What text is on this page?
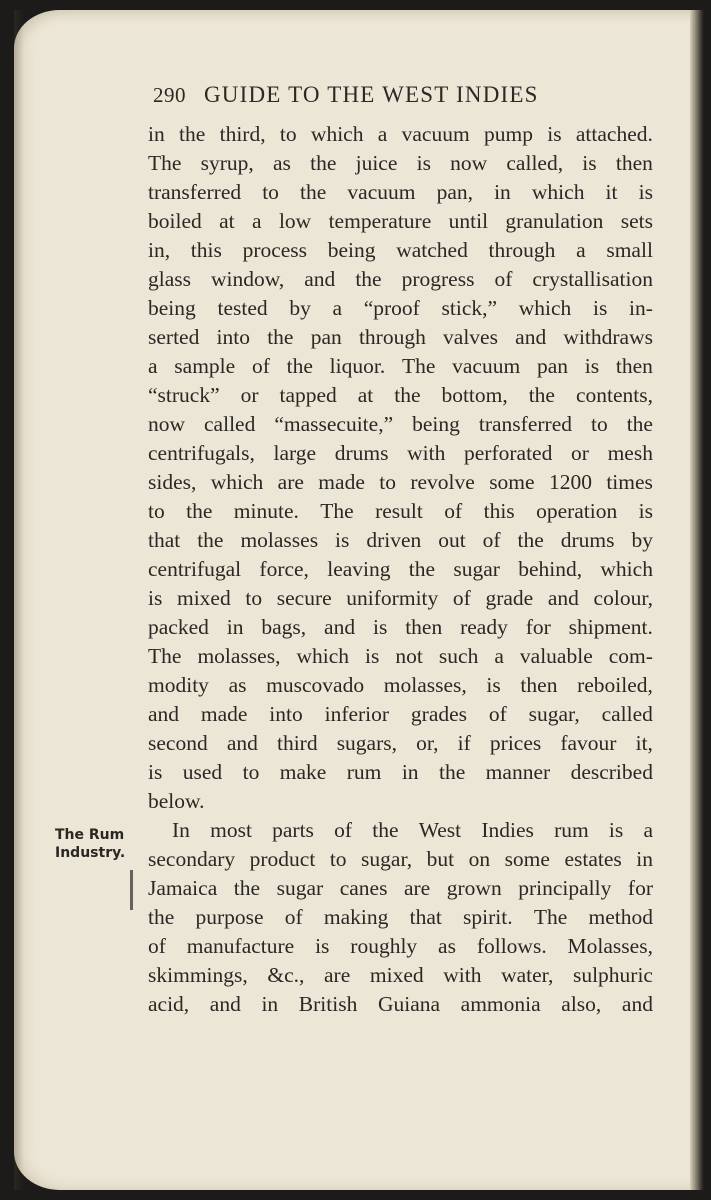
290 GUIDE TO THE WEST INDIES
in the third, to which a vacuum pump is attached.
The syrup, as the juice is now called, is then
transferred to the vacuum pan, in which it is
boiled at a low temperature until granulation sets
in, this process being watched through a small
glass window, and the progress of crystallisation
being tested by a “proof stick,” which is in-
serted into the pan through valves and withdraws
a sample of the liquor. The vacuum pan is then
“struck” or tapped at the bottom, the contents,
now called “massecuite,” being transferred to the
centrifugals, large drums with perforated or mesh
sides, which are made to revolve some 1200 times
to the minute. The result of this operation is
that the molasses is driven out of the drums by
centrifugal force, leaving the sugar behind, which
is mixed to secure uniformity of grade and colour,
packed in bags, and is then ready for shipment.
The molasses, which is not such a valuable com-
modity as muscovado molasses, is then reboiled,
and made into inferior grades of sugar, called
second and third sugars, or, if prices favour it,
is used to make rum in the manner described
below.
In most parts of the West Indies rum is a
secondary product to sugar, but on some estates in
Jamaica the sugar canes are grown principally for
the purpose of making that spirit. The method
of manufacture is roughly as follows. Molasses,
skimmings, &c., are mixed with water, sulphuric
acid, and in British Guiana ammonia also, and
The Rum
Industry.
